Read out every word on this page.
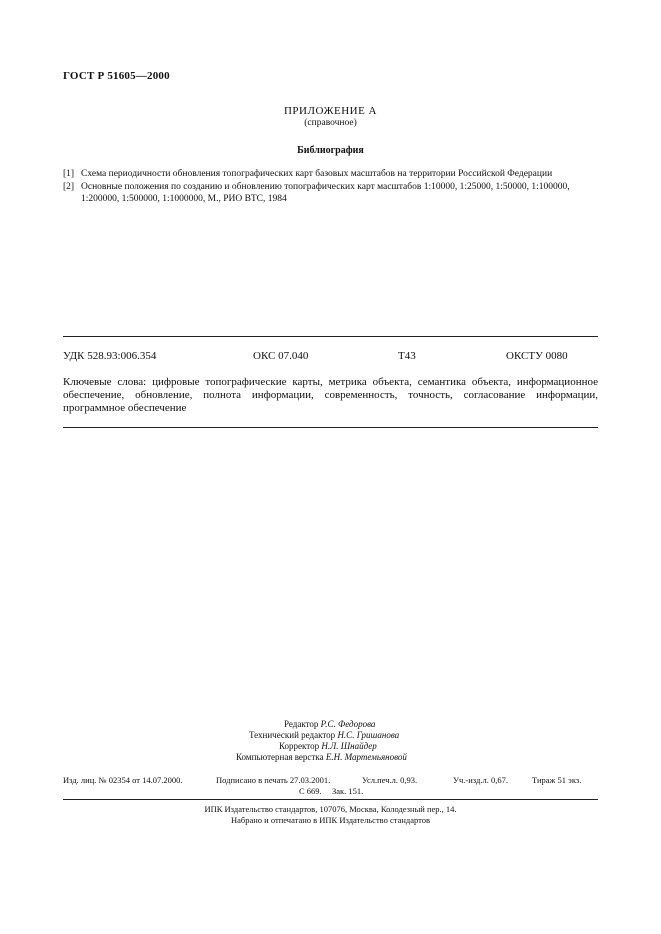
ГОСТ Р 51605—2000
ПРИЛОЖЕНИЕ А
(справочное)
Библиография
[1] Схема периодичности обновления топографических карт базовых масштабов на территории Российской Федерации
[2] Основные положения по созданию и обновлению топографических карт масштабов 1:10000, 1:25000, 1:50000, 1:100000, 1:200000, 1:500000, 1:1000000, М., РИО ВТС, 1984
УДК 528.93:006.354	ОКС 07.040	Т43	ОКСТУ 0080
Ключевые слова: цифровые топографические карты, метрика объекта, семантика объекта, информационное обеспечение, обновление, полнота информации, современность, точность, согласование информации, программное обеспечение
Редактор Р.С. Федорова
Технический редактор Н.С. Гришанова
Корректор Н.Л. Шнайдер
Компьютерная верстка Е.Н. Мартемьяновой
Изд. лиц. № 02354 от 14.07.2000.	Подписано в печать 27.03.2001.	Усл.печ.л. 0,93.	Уч.-изд.л. 0,67.	Тираж 51 экз.
С 669. Зак. 151.
ИПК Издательство стандартов, 107076, Москва, Колодезный пер., 14.
Набрано и отпечатано в ИПК Издательство стандартов
